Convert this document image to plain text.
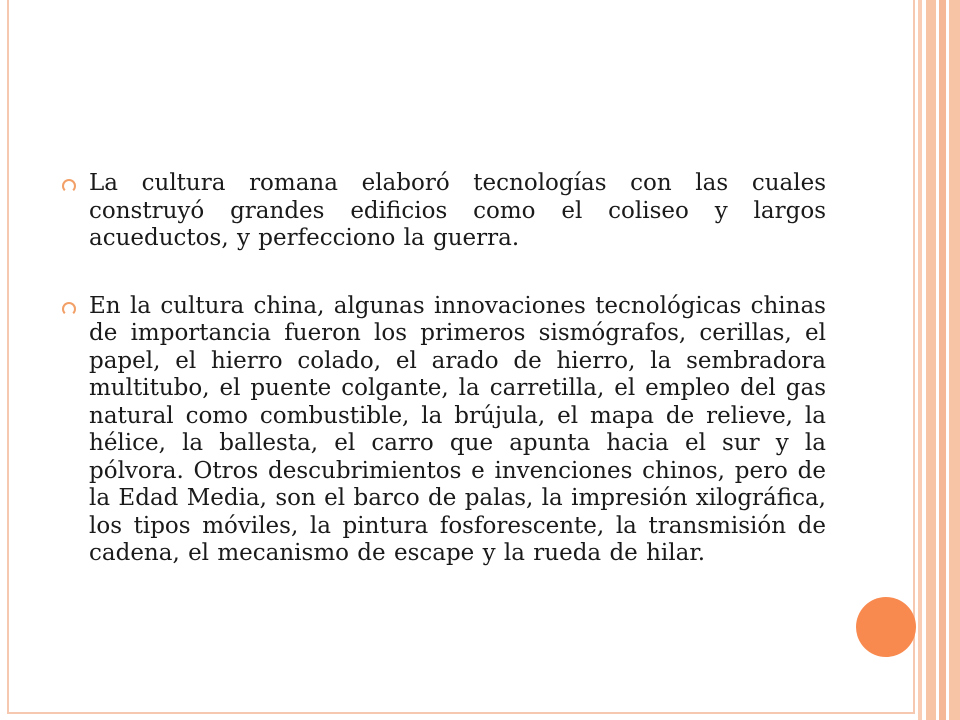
La cultura romana elaboró tecnologías con las cuales construyó grandes edificios como el coliseo y largos acueductos, y perfecciono la guerra.
En la cultura china, algunas innovaciones tecnológicas chinas de importancia fueron los primeros sismógrafos, cerillas, el papel, el hierro colado, el arado de hierro, la sembradora multitubo, el puente colgante, la carretilla, el empleo del gas natural como combustible, la brújula, el mapa de relieve, la hélice, la ballesta, el carro que apunta hacia el sur y la pólvora. Otros descubrimientos e invenciones chinos, pero de la Edad Media, son el barco de palas, la impresión xilográfica, los tipos móviles, la pintura fosforescente, la transmisión de cadena, el mecanismo de escape y la rueda de hilar.
